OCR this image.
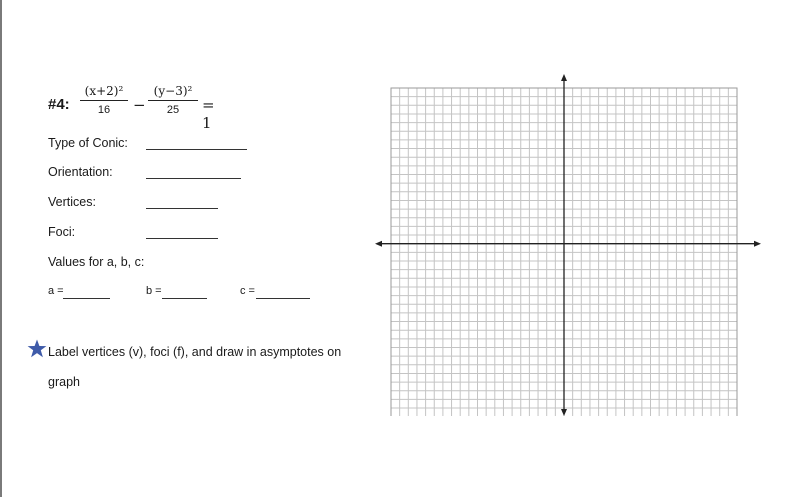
#4:
(x+2)²
16	−
(y−3)²
25	= 1
Type of Conic:
Orientation:
Vertices:
Foci:
Values for a, b, c:
a =	b =	c =
Label vertices (v), foci (f), and draw in asymptotes on
graph
